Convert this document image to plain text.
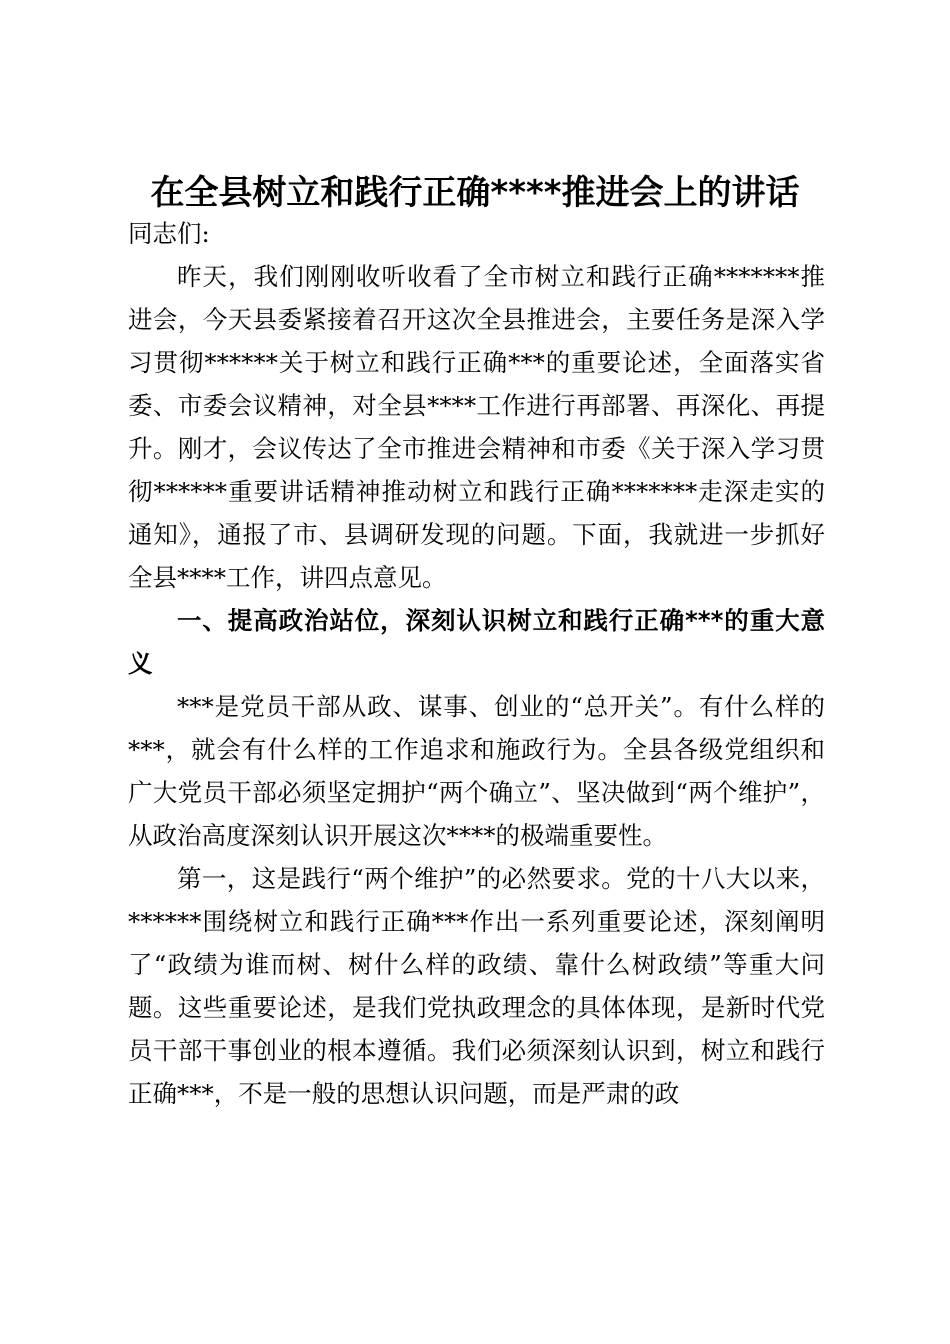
在全县树立和践行正确****推进会上的讲话

同志们:

昨天，我们刚刚收听收看了全市树立和践行正确*******推进会，今天县委紧接着召开这次全县推进会，主要任务是深入学习贯彻******关于树立和践行正确***的重要论述，全面落实省委、市委会议精神，对全县****工作进行再部署、再深化、再提升。刚才，会议传达了全市推进会精神和市委《关于深入学习贯彻******重要讲话精神推动树立和践行正确*******走深走实的通知》，通报了市、县调研发现的问题。下面，我就进一步抓好全县****工作，讲四点意见。

一、提高政治站位，深刻认识树立和践行正确***的重大意义

***是党员干部从政、谋事、创业的“总开关”。有什么样的***，就会有什么样的工作追求和施政行为。全县各级党组织和广大党员干部必须坚定拥护“两个确立”、坚决做到“两个维护”，从政治高度深刻认识开展这次****的极端重要性。

第一，这是践行“两个维护”的必然要求。党的十八大以来，******围绕树立和践行正确***作出一系列重要论述，深刻阐明了“政绩为谁而树、树什么样的政绩、靠什么树政绩”等重大问题。这些重要论述，是我们党执政理念的具体体现，是新时代党员干部干事创业的根本遵循。我们必须深刻认识到，树立和践行正确***，不是一般的思想认识问题，而是严肃的政
